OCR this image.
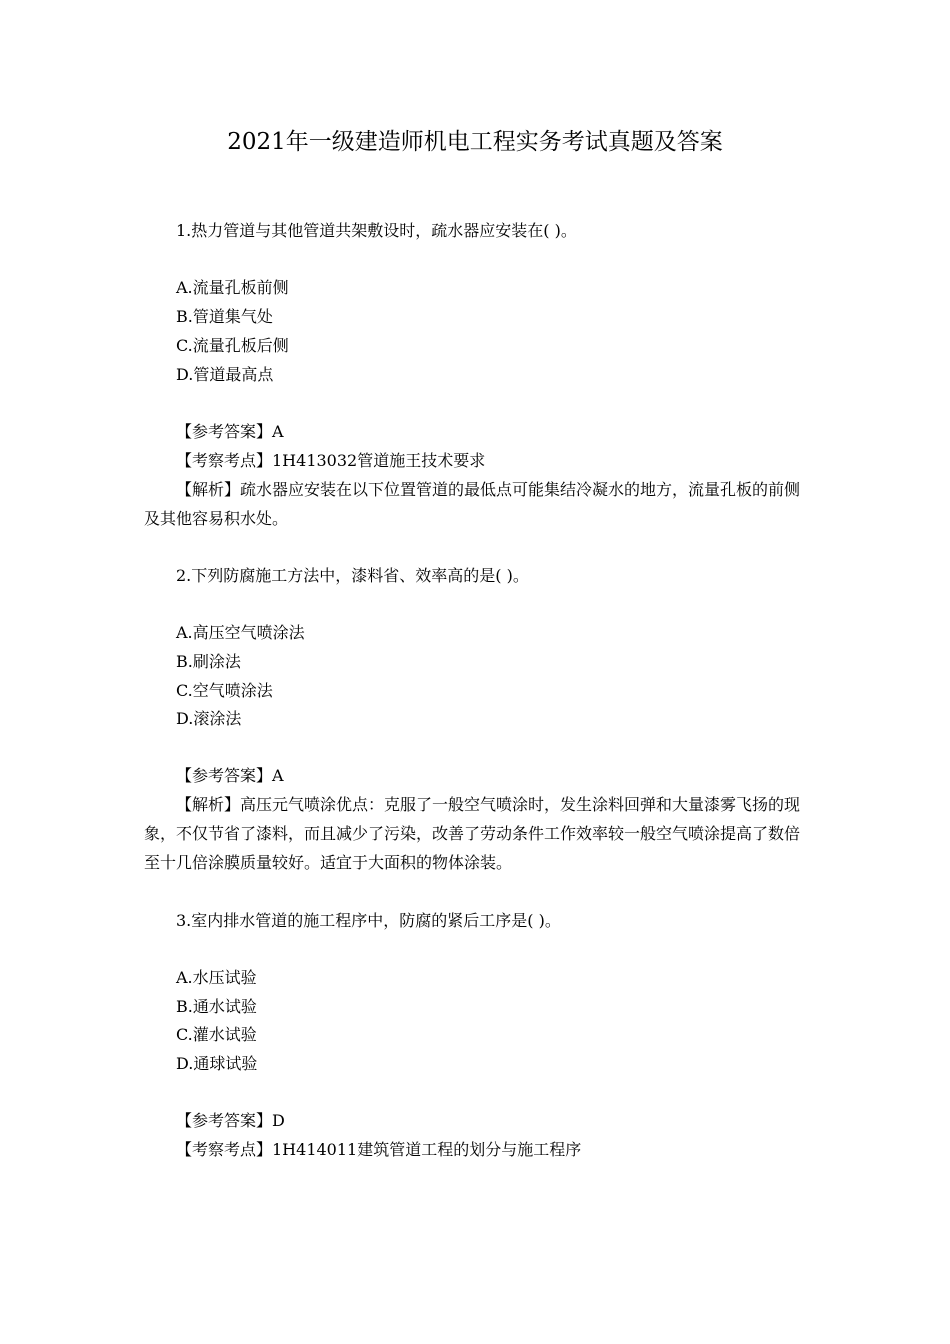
2021年一级建造师机电工程实务考试真题及答案

1.热力管道与其他管道共架敷设时，疏水器应安装在( )。

A.流量孔板前侧

B.管道集气处

C.流量孔板后侧

D.管道最高点

【参考答案】A

【考察考点】1H413032管道施王技术要求

【解析】疏水器应安装在以下位置管道的最低点可能集结冷凝水的地方，流量孔板的前侧及其他容易积水处。

2.下列防腐施工方法中，漆料省、效率高的是( )。

A.高压空气喷涂法

B.刷涂法

C.空气喷涂法

D.滚涂法

【参考答案】A

【解析】高压元气喷涂优点：克服了一般空气喷涂时，发生涂料回弹和大量漆雾飞扬的现象，不仅节省了漆料，而且减少了污染，改善了劳动条件工作效率较一般空气喷涂提高了数倍至十几倍涂膜质量较好。适宜于大面积的物体涂装。

3.室内排水管道的施工程序中，防腐的紧后工序是( )。

A.水压试验

B.通水试验

C.灌水试验

D.通球试验

【参考答案】D

【考察考点】1H414011建筑管道工程的划分与施工程序
